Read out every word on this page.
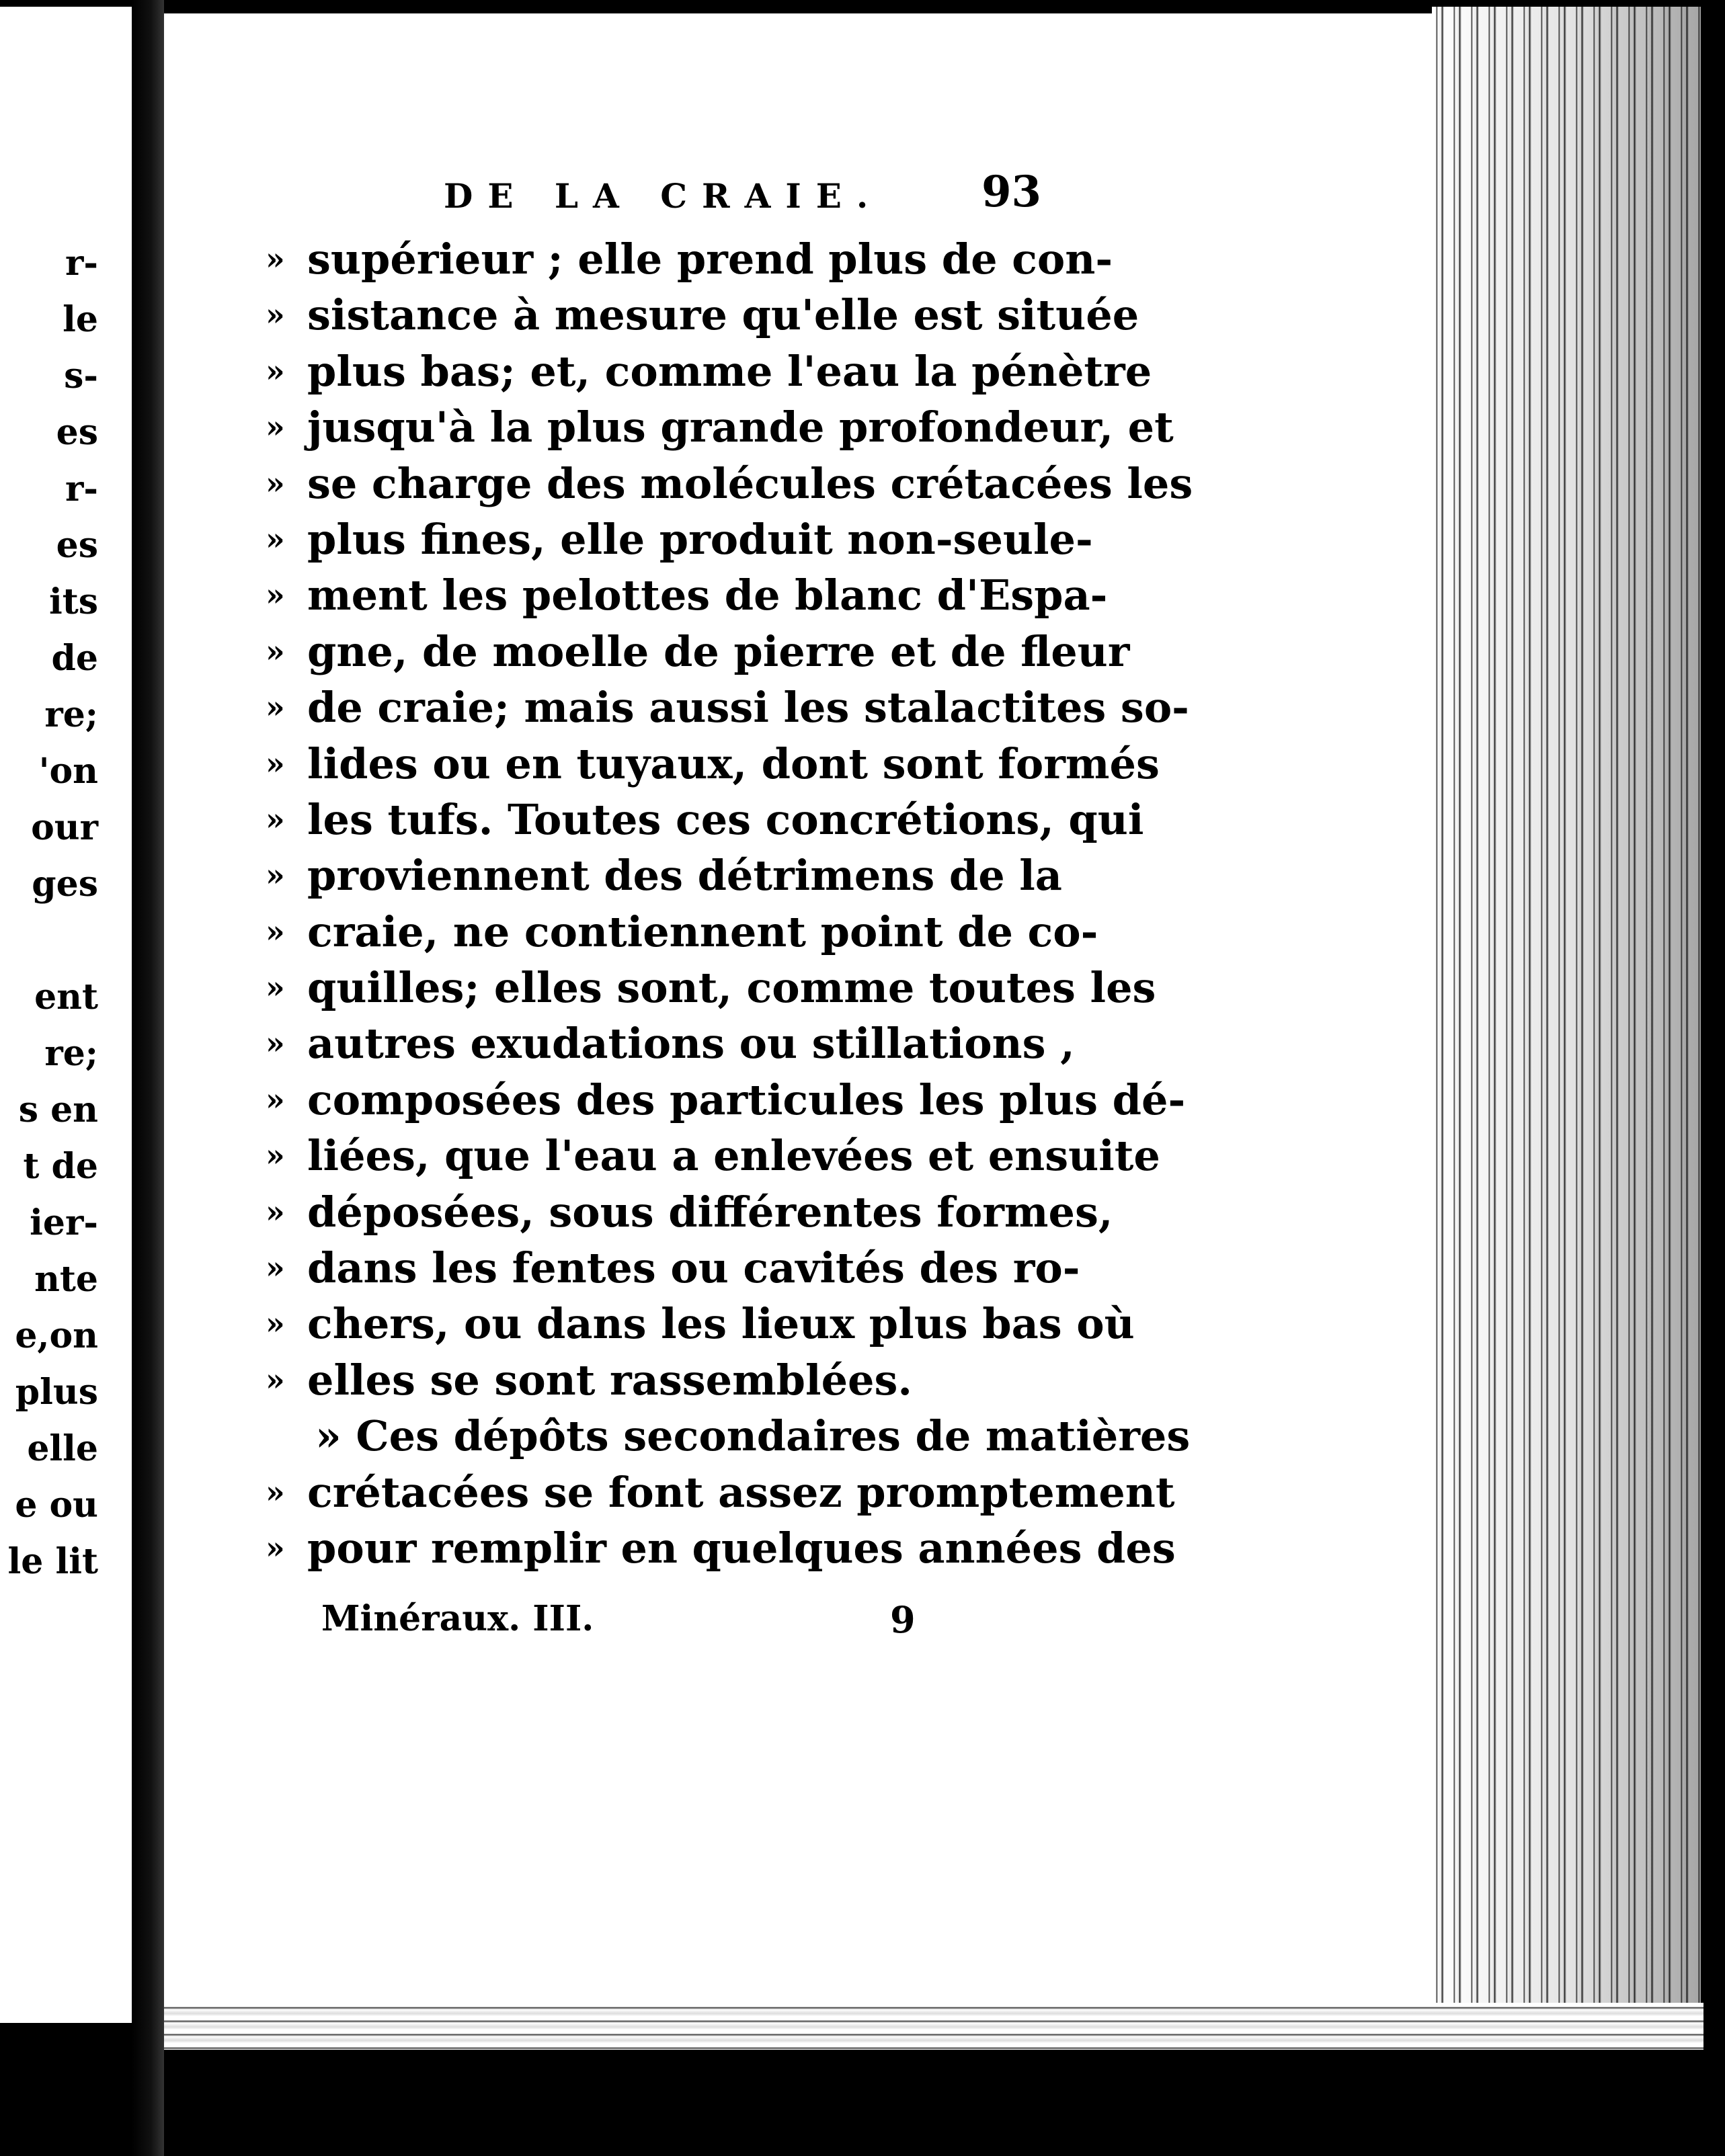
r-
le
s-
es
r-
es
its
de
re;
'on
our
ges
ent
re;
s en
t de
ier-
nte
e,on
plus
elle
e ou
le lit
DE LA CRAIE. 93
» supérieur ; elle prend plus de con-
» sistance à mesure qu'elle est située
» plus bas; et, comme l'eau la pénètre
» jusqu'à la plus grande profondeur, et
» se charge des molécules crétacées les
» plus fines, elle produit non-seule-
» ment les pelottes de blanc d'Espa-
» gne, de moelle de pierre et de fleur
» de craie; mais aussi les stalactites so-
» lides ou en tuyaux, dont sont formés
» les tufs. Toutes ces concrétions, qui
» proviennent des détrimens de la
» craie, ne contiennent point de co-
» quilles; elles sont, comme toutes les
» autres exudations ou stillations ,
» composées des particules les plus dé-
» liées, que l'eau a enlevées et ensuite
» déposées, sous différentes formes,
» dans les fentes ou cavités des ro-
» chers, ou dans les lieux plus bas où
» elles se sont rassemblées.
» Ces dépôts secondaires de matières
» crétacées se font assez promptement
» pour remplir en quelques années des
Minéraux. III.	9
